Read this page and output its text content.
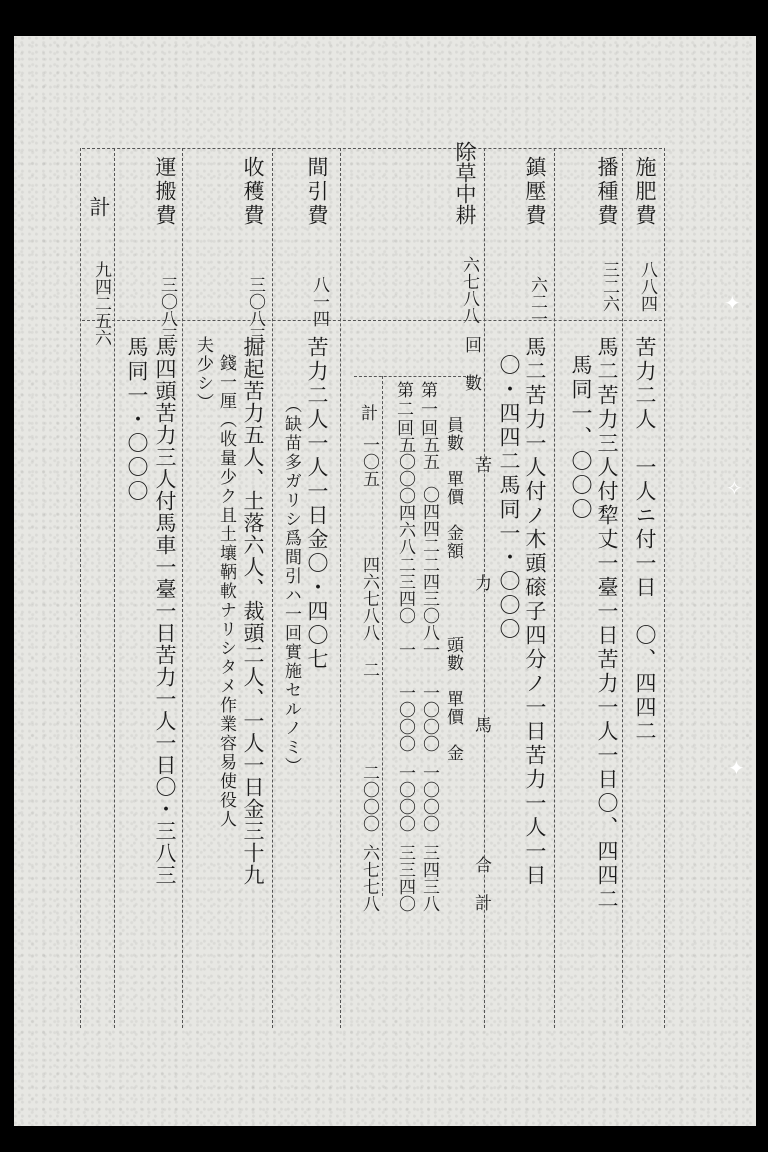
施肥費
八八四
苦力二人　一人ニ付一日　〇、四四二
播種費
三二六
馬二苦力三人付犂丈一臺一日苦力一人一日〇、四四二
馬同一、〇〇〇
鎮壓費
六二一
馬二苦力一人付ノ木頭磙子四分ノ一日苦力一人一日
〇・四四二馬同一・〇〇〇
除草中耕
六七八八
回　數
苦
力
馬
合　計
員數　單價　金額
頭數　單價　金
第一回
五五
〇四四二
二四三〇八
一
一〇〇〇
一〇〇〇
三四三八
第二回
五〇〇〇四六八
二三四〇
一
一〇〇〇
一〇〇〇
三三四〇
計
一〇五
四六七八八
二
二〇〇〇
六七七八
間引費
八一四
苦力二人一人一日金〇・四〇七
（缺苗多ガリシ爲間引ハ一回實施セルノミ）
收穫費
三〇八三
掘起苦力五人、土落六人、裁頭二人、一人一日金三十九
錢一厘（收量少ク且土壤鞆軟ナリシタメ作業容易使役人
夫少シ）
運搬費
三〇八三
馬四頭苦力三人付馬車一臺一日苦力一人一日〇・三八三
馬同一・〇〇〇
計
九四二五六	✦
✧
✦
